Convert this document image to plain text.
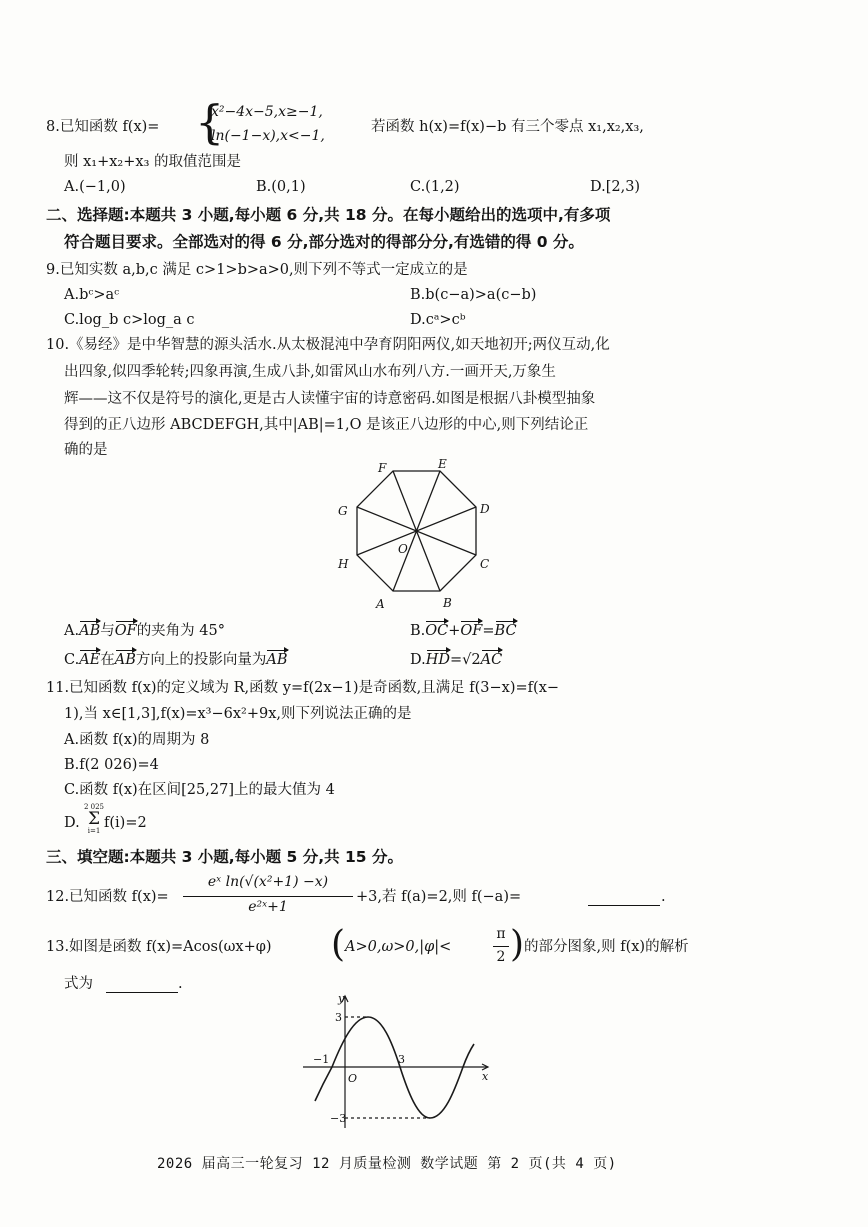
8.已知函数 f(x)= {
x²−4x−5,x≥−1,
ln(−1−x),x<−1,
若函数 h(x)=f(x)−b 有三个零点 x₁,x₂,x₃,
则 x₁+x₂+x₃ 的取值范围是
A.(−1,0)	B.(0,1)	C.(1,2)	D.[2,3)
二、选择题:本题共 3 小题,每小题 6 分,共 18 分。在每小题给出的选项中,有多项
符合题目要求。全部选对的得 6 分,部分选对的得部分分,有选错的得 0 分。
9.已知实数 a,b,c 满足 c>1>b>a>0,则下列不等式一定成立的是
A.bᶜ>aᶜ	B.b(c−a)>a(c−b)
C.log_b c>log_a c	D.cᵃ>cᵇ
10.《易经》是中华智慧的源头活水.从太极混沌中孕育阴阳两仪,如天地初开;两仪互动,化
出四象,似四季轮转;四象再演,生成八卦,如雷风山水布列八方.一画开天,万象生
辉——这不仅是符号的演化,更是古人读懂宇宙的诗意密码.如图是根据八卦模型抽象
得到的正八边形 ABCDEFGH,其中|AB|=1,O 是该正八边形的中心,则下列结论正
确的是
A	B
C
D
E
F
G
H
O
A.AB与OF的夹角为 45°	B.OC+OF=BC
C.AE在AB方向上的投影向量为AB	D.HD=√2AC
11.已知函数 f(x)的定义域为 R,函数 y=f(2x−1)是奇函数,且满足 f(3−x)=f(x−
1),当 x∈[1,3],f(x)=x³−6x²+9x,则下列说法正确的是
A.函数 f(x)的周期为 8
B.f(2 026)=4
C.函数 f(x)在区间[25,27]上的最大值为 4
D.
2 025
Σ
i=1 f(i)=2
三、填空题:本题共 3 小题,每小题 5 分,共 15 分。
12.已知函数 f(x)=
eˣ ln(√(x²+1) −x)
e²ˣ+1
+3,若 f(a)=2,则 f(−a)=	.
13.如图是函数 f(x)=Acos(ωx+φ) ( A>0,ω>0,|φ|<
π
2 ) 的部分图象,则 f(x)的解析
式为	.
y
x
3
−1	3
O
−3
2026 届高三一轮复习 12 月质量检测 数学试题 第 2 页(共 4 页)
